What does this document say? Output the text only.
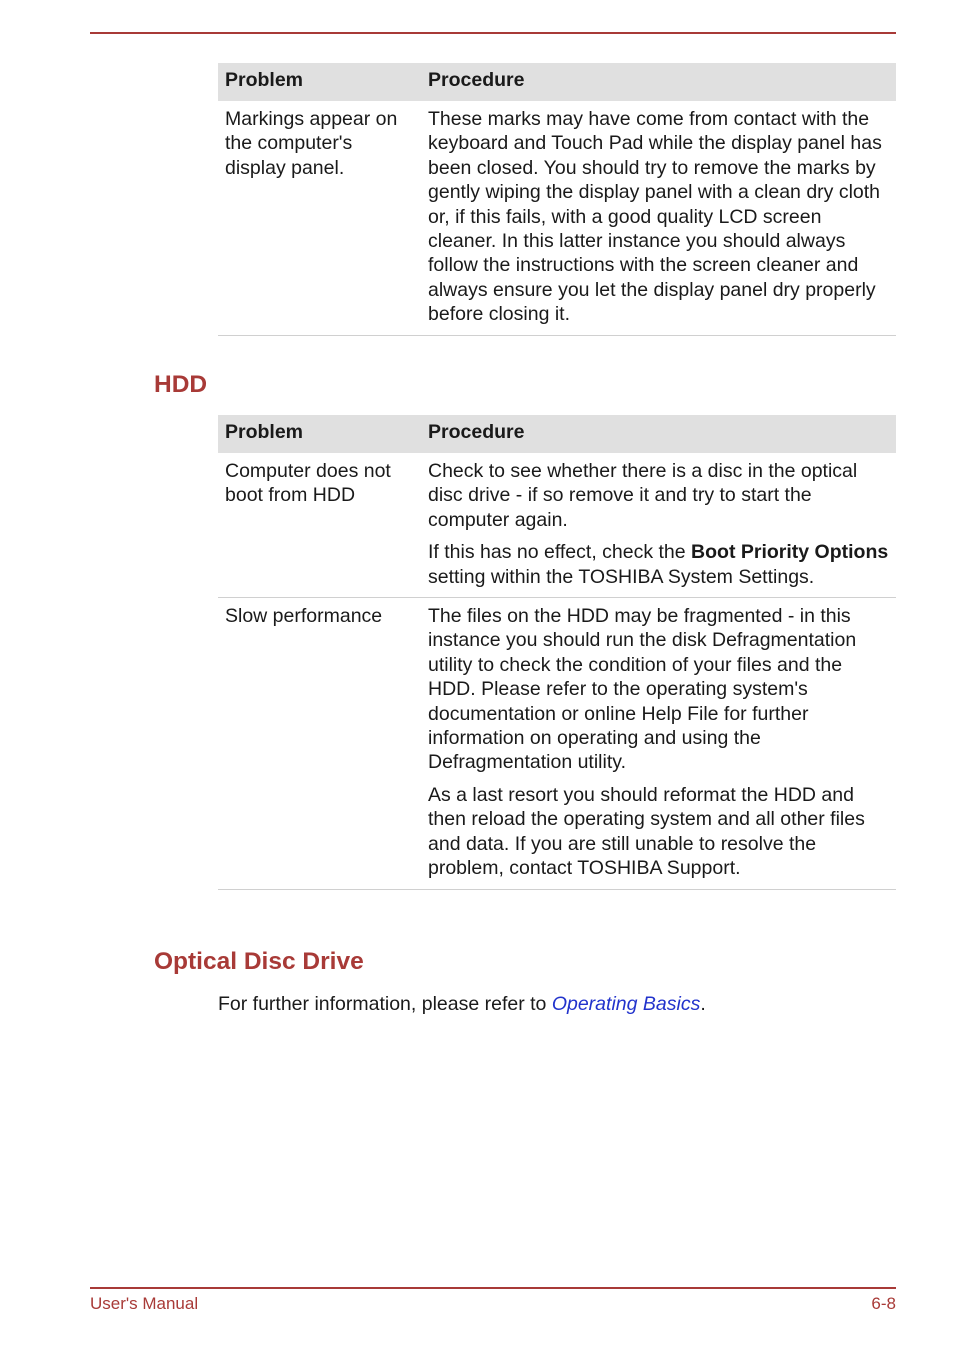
Problem	Procedure
Markings appear on the computer's display panel.	These marks may have come from contact with the keyboard and Touch Pad while the display panel has been closed. You should try to remove the marks by gently wiping the display panel with a clean dry cloth or, if this fails, with a good quality LCD screen cleaner. In this latter instance you should always follow the instructions with the screen cleaner and always ensure you let the display panel dry properly before closing it.

HDD
Problem	Procedure
Computer does not boot from HDD	Check to see whether there is a disc in the optical disc drive - if so remove it and try to start the computer again.

If this has no effect, check the Boot Priority Options setting within the TOSHIBA System Settings.

Slow performance	The files on the HDD may be fragmented - in this instance you should run the disk Defragmentation utility to check the condition of your files and the HDD. Please refer to the operating system's documentation or online Help File for further information on operating and using the Defragmentation utility.

As a last resort you should reformat the HDD and then reload the operating system and all other files and data. If you are still unable to resolve the problem, contact TOSHIBA Support.

Optical Disc Drive

For further information, please refer to Operating Basics.

User's Manual	6-8
